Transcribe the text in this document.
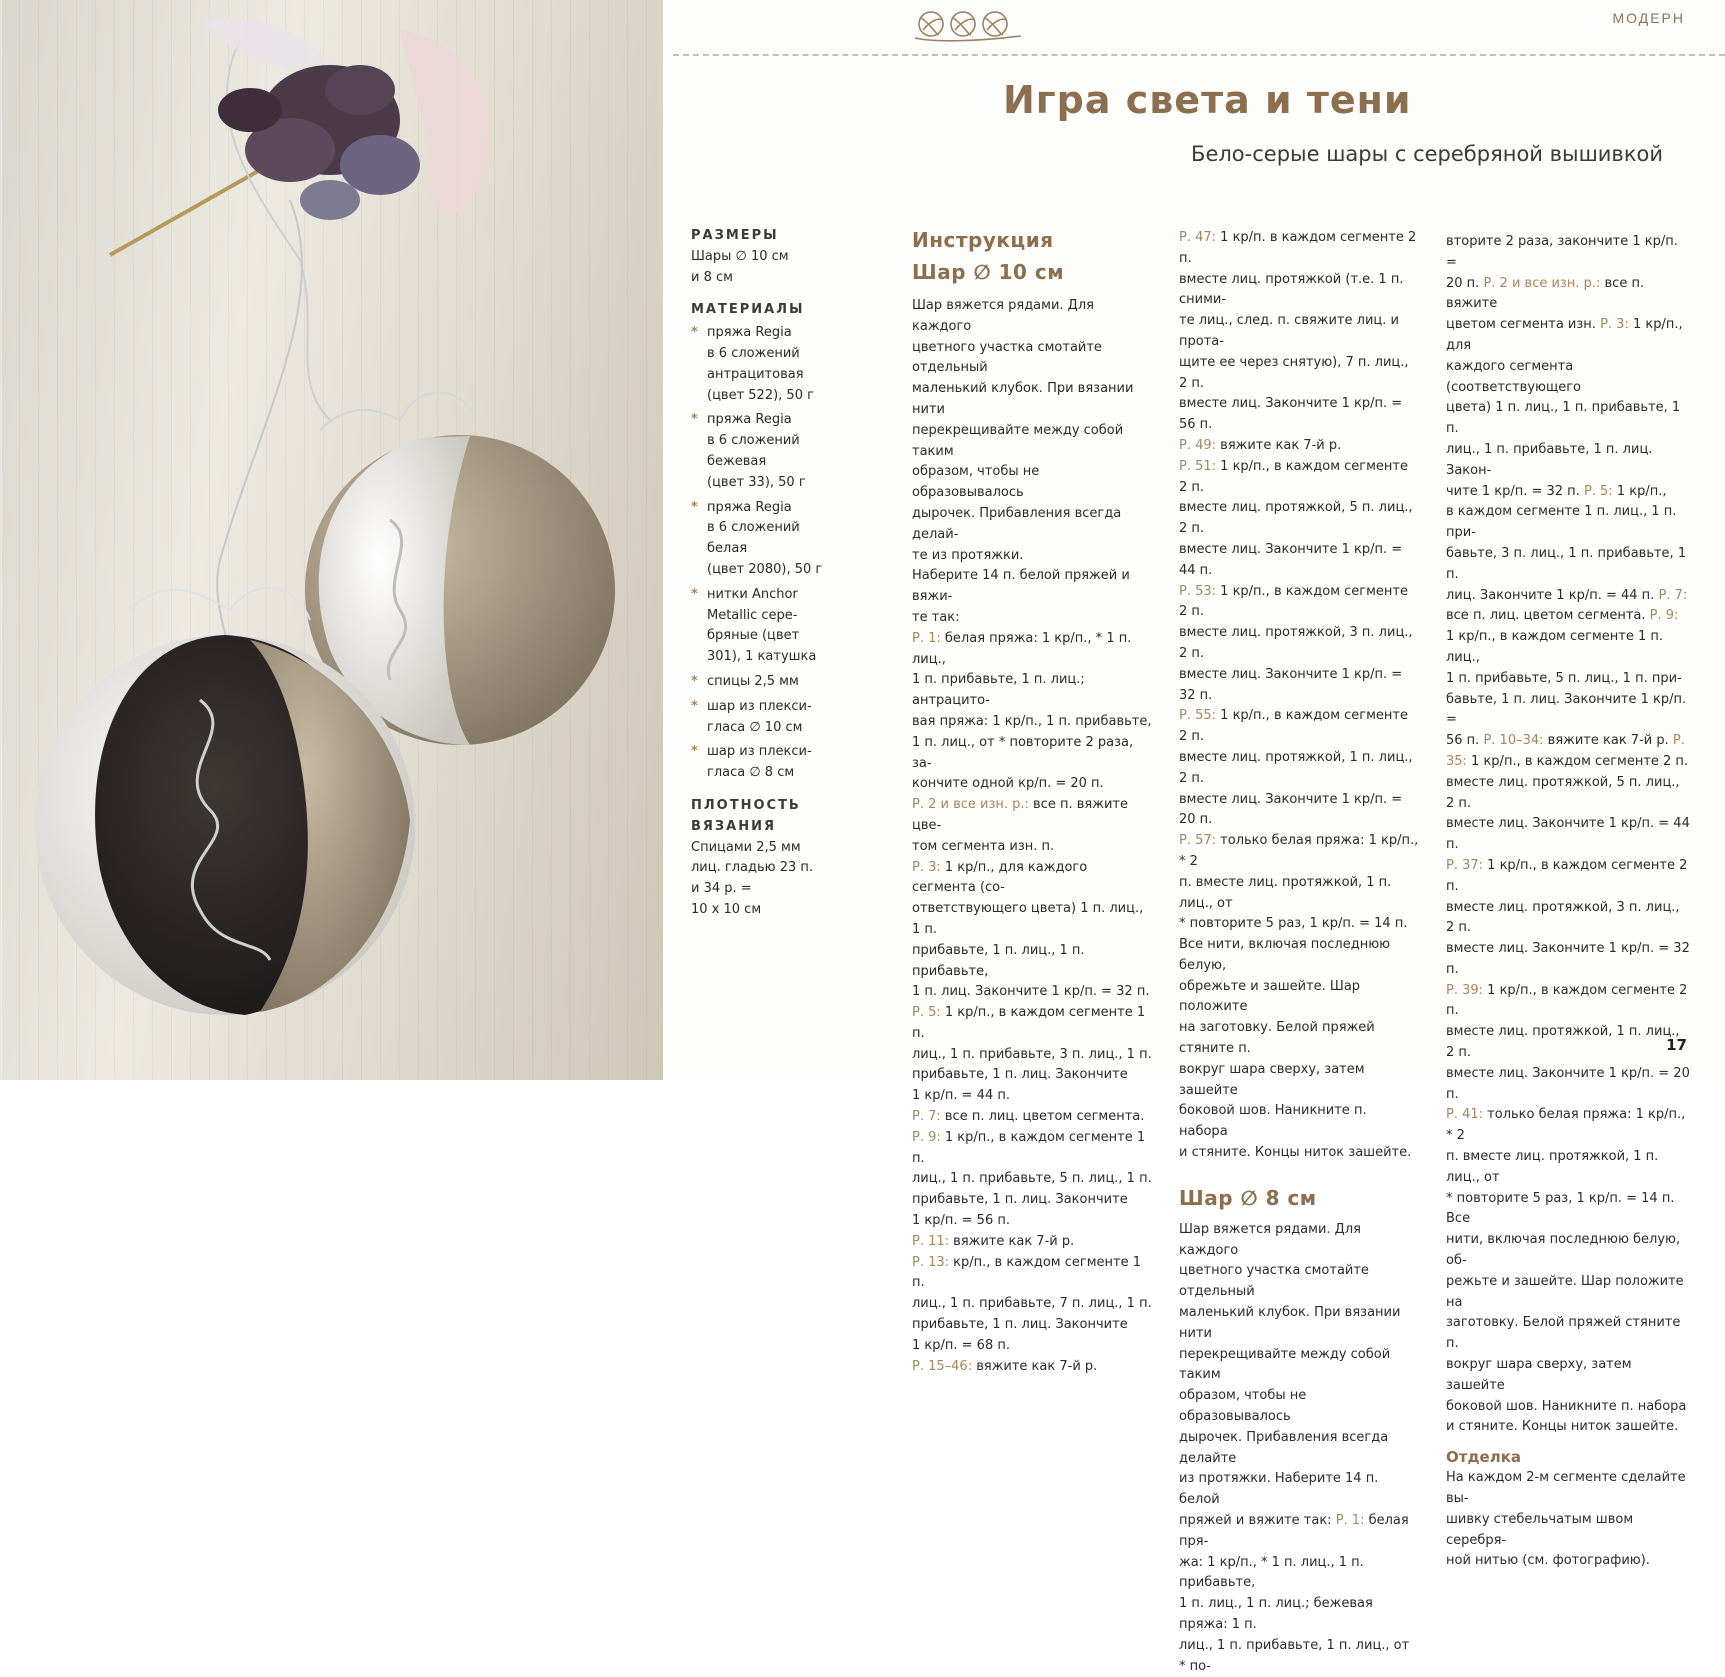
МОДЕРН
Игра света и тени
Бело-серые шары с серебряной вышивкой
РАЗМЕРЫ

Шары ∅ 10 см

и 8 см

МАТЕРИАЛЫ
* пряжа Regia
в 6 сложений
антрацитовая
(цвет 522), 50 г
* пряжа Regia
в 6 сложений
бежевая
(цвет 33), 50 г
* пряжа Regia
в 6 сложений
белая
(цвет 2080), 50 г
* нитки Anchor
Metallic сере-
бряные (цвет
301), 1 катушка
* спицы 2,5 мм
* шар из плекси-
гласа ∅ 10 см
* шар из плекси-
гласа ∅ 8 см
ПЛОТНОСТЬ
ВЯЗАНИЯ

Спицами 2,5 мм

лиц. гладью 23 п.

и 34 р. =

10 x 10 см

Инструкция
Шар ∅ 10 см

Шар вяжется рядами. Для каждого

цветного участка смотайте отдельный

маленький клубок. При вязании нити

перекрещивайте между собой таким

образом, чтобы не образовывалось

дырочек. Прибавления всегда делай-

те из протяжки.

Наберите 14 п. белой пряжей и вяжи-

те так:

Р. 1: белая пряжа: 1 кр/п., * 1 п. лиц.,

1 п. прибавьте, 1 п. лиц.; антрацито-

вая пряжа: 1 кр/п., 1 п. прибавьте,

1 п. лиц., от * повторите 2 раза, за-

кончите одной кр/п. = 20 п.

Р. 2 и все изн. р.: все п. вяжите цве-

том сегмента изн. п.

Р. 3: 1 кр/п., для каждого сегмента (со-

ответствующего цвета) 1 п. лиц., 1 п.

прибавьте, 1 п. лиц., 1 п. прибавьте,

1 п. лиц. Закончите 1 кр/п. = 32 п.

Р. 5: 1 кр/п., в каждом сегменте 1 п.

лиц., 1 п. прибавьте, 3 п. лиц., 1 п.

прибавьте, 1 п. лиц. Закончите

1 кр/п. = 44 п.

Р. 7: все п. лиц. цветом сегмента.

Р. 9: 1 кр/п., в каждом сегменте 1 п.

лиц., 1 п. прибавьте, 5 п. лиц., 1 п.

прибавьте, 1 п. лиц. Закончите

1 кр/п. = 56 п.

Р. 11: вяжите как 7-й р.

Р. 13: кр/п., в каждом сегменте 1 п.

лиц., 1 п. прибавьте, 7 п. лиц., 1 п.

прибавьте, 1 п. лиц. Закончите

1 кр/п. = 68 п.

Р. 15–46: вяжите как 7-й р.

Р. 47: 1 кр/п. в каждом сегменте 2 п.

вместе лиц. протяжкой (т.е. 1 п. сними-

те лиц., след. п. свяжите лиц. и прота-

щите ее через снятую), 7 п. лиц., 2 п.

вместе лиц. Закончите 1 кр/п. = 56 п.

Р. 49: вяжите как 7-й р.

Р. 51: 1 кр/п., в каждом сегменте 2 п.

вместе лиц. протяжкой, 5 п. лиц., 2 п.

вместе лиц. Закончите 1 кр/п. = 44 п.

Р. 53: 1 кр/п., в каждом сегменте 2 п.

вместе лиц. протяжкой, 3 п. лиц., 2 п.

вместе лиц. Закончите 1 кр/п. = 32 п.

Р. 55: 1 кр/п., в каждом сегменте 2 п.

вместе лиц. протяжкой, 1 п. лиц., 2 п.

вместе лиц. Закончите 1 кр/п. = 20 п.

Р. 57: только белая пряжа: 1 кр/п., * 2

п. вместе лиц. протяжкой, 1 п. лиц., от

* повторите 5 раз, 1 кр/п. = 14 п.

Все нити, включая последнюю белую,

обрежьте и зашейте. Шар положите

на заготовку. Белой пряжей стяните п.

вокруг шара сверху, затем зашейте

боковой шов. Наникните п. набора

и стяните. Концы ниток зашейте.

Шар ∅ 8 см

Шар вяжется рядами. Для каждого

цветного участка смотайте отдельный

маленький клубок. При вязании нити

перекрещивайте между собой таким

образом, чтобы не образовывалось

дырочек. Прибавления всегда делайте

из протяжки. Наберите 14 п. белой

пряжей и вяжите так: Р. 1: белая пря-

жа: 1 кр/п., * 1 п. лиц., 1 п. прибавьте,

1 п. лиц., 1 п. лиц.; бежевая пряжа: 1 п.

лиц., 1 п. прибавьте, 1 п. лиц., от * по-

вторите 2 раза, закончите 1 кр/п. =

20 п. Р. 2 и все изн. р.: все п. вяжите

цветом сегмента изн. Р. 3: 1 кр/п., для

каждого сегмента (соответствующего

цвета) 1 п. лиц., 1 п. прибавьте, 1 п.

лиц., 1 п. прибавьте, 1 п. лиц. Закон-

чите 1 кр/п. = 32 п. Р. 5: 1 кр/п.,

в каждом сегменте 1 п. лиц., 1 п. при-

бавьте, 3 п. лиц., 1 п. прибавьте, 1 п.

лиц. Закончите 1 кр/п. = 44 п. Р. 7:

все п. лиц. цветом сегмента. Р. 9:

1 кр/п., в каждом сегменте 1 п. лиц.,

1 п. прибавьте, 5 п. лиц., 1 п. при-

бавьте, 1 п. лиц. Закончите 1 кр/п. =

56 п. Р. 10–34: вяжите как 7-й р. Р.

35: 1 кр/п., в каждом сегменте 2 п.

вместе лиц. протяжкой, 5 п. лиц., 2 п.

вместе лиц. Закончите 1 кр/п. = 44 п.

Р. 37: 1 кр/п., в каждом сегменте 2 п.

вместе лиц. протяжкой, 3 п. лиц., 2 п.

вместе лиц. Закончите 1 кр/п. = 32 п.

Р. 39: 1 кр/п., в каждом сегменте 2 п.

вместе лиц. протяжкой, 1 п. лиц., 2 п.

вместе лиц. Закончите 1 кр/п. = 20 п.

Р. 41: только белая пряжа: 1 кр/п., * 2

п. вместе лиц. протяжкой, 1 п. лиц., от

* повторите 5 раз, 1 кр/п. = 14 п. Все

нити, включая последнюю белую, об-

режьте и зашейте. Шар положите на

заготовку. Белой пряжей стяните п.

вокруг шара сверху, затем зашейте

боковой шов. Наникните п. набора

и стяните. Концы ниток зашейте.

Отделка

На каждом 2-м сегменте сделайте вы-

шивку стебельчатым швом серебря-

ной нитью (см. фотографию).

17
